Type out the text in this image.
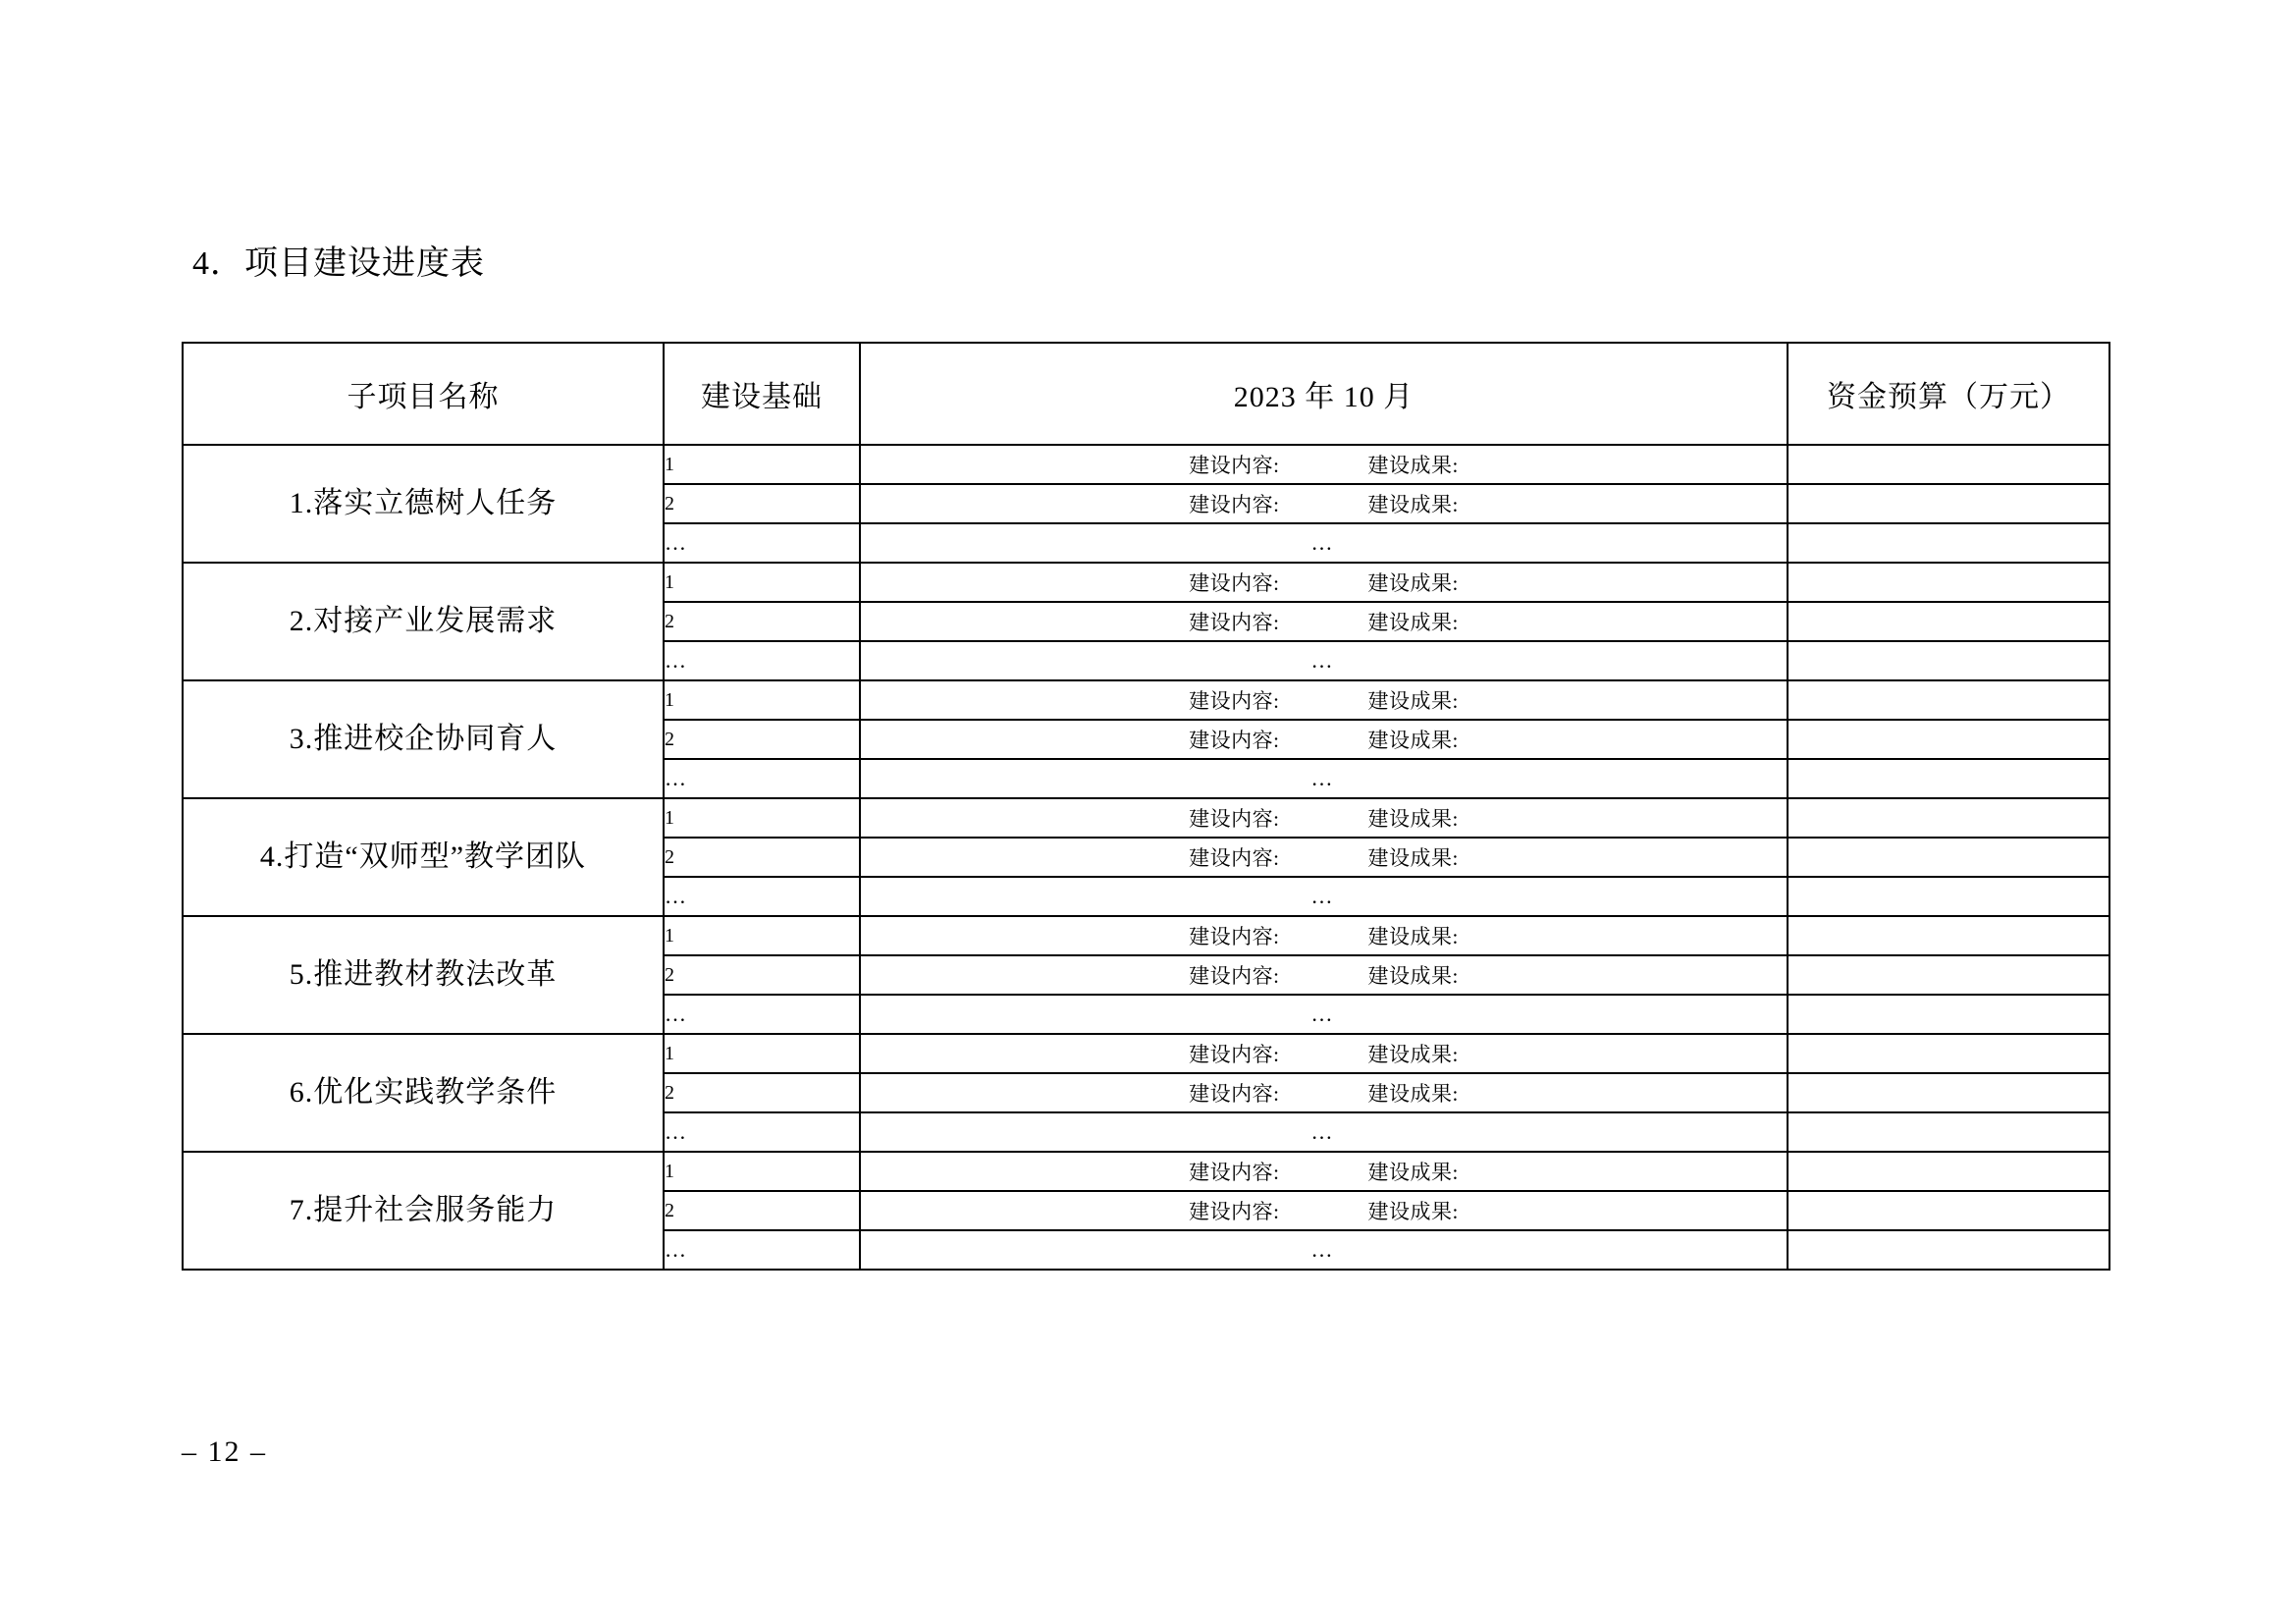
4．项目建设进度表
子项目名称	建设基础	2023 年 10 月	资金预算（万元）
1.落实立德树人任务	1	建设内容: 建设成果:	

	2	建设内容: 建设成果:	

	…	…	
2.对接产业发展需求	1	建设内容: 建设成果:	

	2	建设内容: 建设成果:	

	…	…	
3.推进校企协同育人	1	建设内容: 建设成果:	

	2	建设内容: 建设成果:	

	…	…	
4.打造“双师型”教学团队	1	建设内容: 建设成果:	

	2	建设内容: 建设成果:	

	…	…	
5.推进教材教法改革	1	建设内容: 建设成果:	

	2	建设内容: 建设成果:	

	…	…	
6.优化实践教学条件	1	建设内容: 建设成果:	

	2	建设内容: 建设成果:	

	…	…	
7.提升社会服务能力	1	建设内容: 建设成果:	

	2	建设内容: 建设成果:	

	…	…	
– 12 –
